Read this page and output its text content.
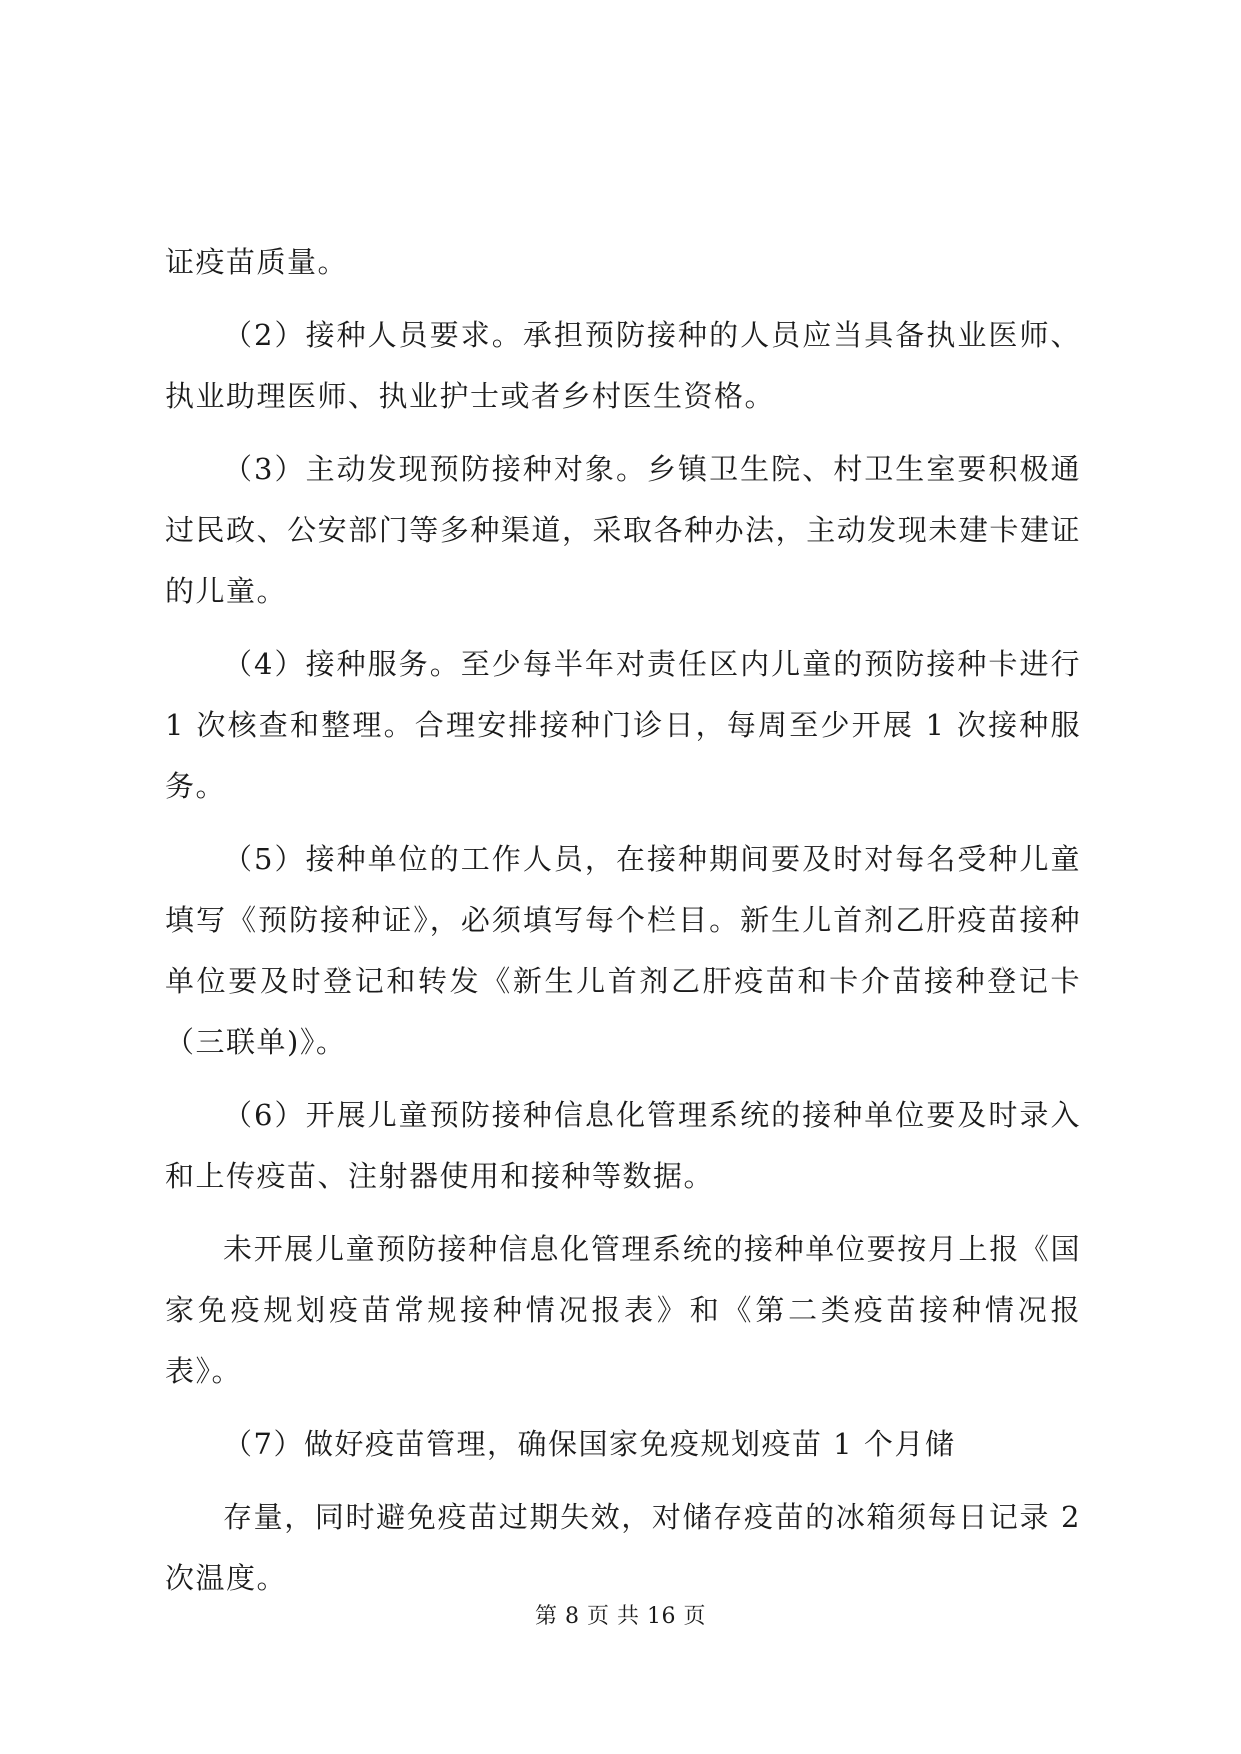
证疫苗质量。

（2）接种人员要求。承担预防接种的人员应当具备执业医师、执业助理医师、执业护士或者乡村医生资格。

（3）主动发现预防接种对象。乡镇卫生院、村卫生室要积极通过民政、公安部门等多种渠道，采取各种办法，主动发现未建卡建证的儿童。

（4）接种服务。至少每半年对责任区内儿童的预防接种卡进行 1 次核查和整理。合理安排接种门诊日，每周至少开展 1 次接种服务。

（5）接种单位的工作人员，在接种期间要及时对每名受种儿童填写《预防接种证》，必须填写每个栏目。新生儿首剂乙肝疫苗接种单位要及时登记和转发《新生儿首剂乙肝疫苗和卡介苗接种登记卡（三联单)》。

（6）开展儿童预防接种信息化管理系统的接种单位要及时录入和上传疫苗、注射器使用和接种等数据。

未开展儿童预防接种信息化管理系统的接种单位要按月上报《国家免疫规划疫苗常规接种情况报表》和《第二类疫苗接种情况报表》。

（7）做好疫苗管理，确保国家免疫规划疫苗 1 个月储

存量，同时避免疫苗过期失效，对储存疫苗的冰箱须每日记录 2 次温度。

第 8 页 共 16 页
